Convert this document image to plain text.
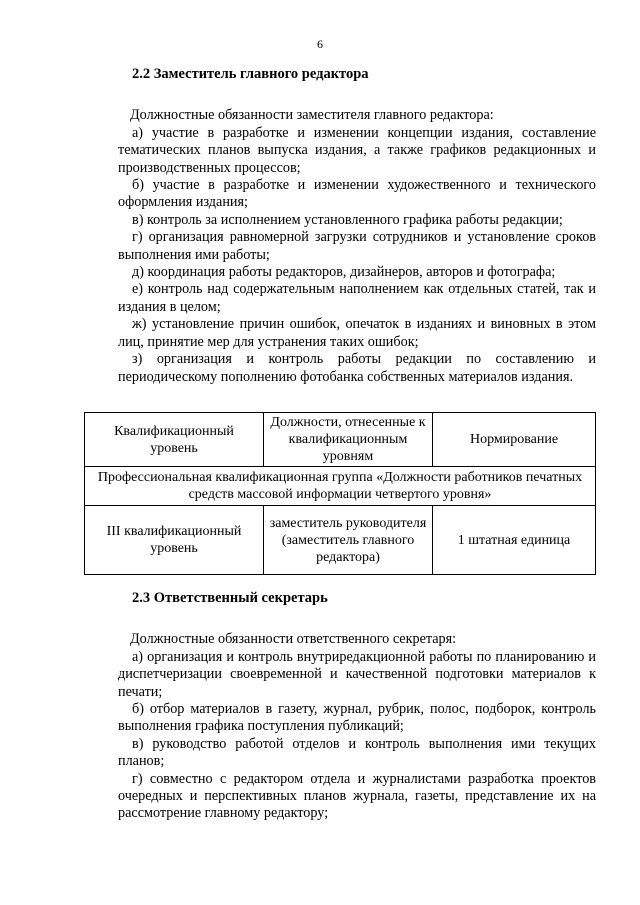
6
2.2 Заместитель главного редактора

Должностные обязанности заместителя главного редактора:

а) участие в разработке и изменении концепции издания, составление тематических планов выпуска издания, а также графиков редакционных и производственных процессов;

б) участие в разработке и изменении художественного и технического оформления издания;

в) контроль за исполнением установленного графика работы редакции;

г) организация равномерной загрузки сотрудников и установление сроков выполнения ими работы;

д) координация работы редакторов, дизайнеров, авторов и фотографа;

е) контроль над содержательным наполнением как отдельных статей, так и издания в целом;

ж) установление причин ошибок, опечаток в изданиях и виновных в этом лиц, принятие мер для устранения таких ошибок;

з) организация и контроль работы редакции по составлению и периодическому пополнению фотобанка собственных материалов издания.

Квалификационный уровень	Должности, отнесенные к квалификационным уровням	Нормирование
Профессиональная квалификационная группа «Должности работников печатных средств массовой информации четвертого уровня»		
III квалификационный уровень	заместитель руководителя (заместитель главного редактора)	1 штатная единица
2.3 Ответственный секретарь

Должностные обязанности ответственного секретаря:

а) организация и контроль внутриредакционной работы по планированию и диспетчеризации своевременной и качественной подготовки материалов к печати;

б) отбор материалов в газету, журнал, рубрик, полос, подборок, контроль выполнения графика поступления публикаций;

в) руководство работой отделов и контроль выполнения ими текущих планов;

г) совместно с редактором отдела и журналистами разработка проектов очередных и перспективных планов журнала, газеты, представление их на рассмотрение главному редактору;
